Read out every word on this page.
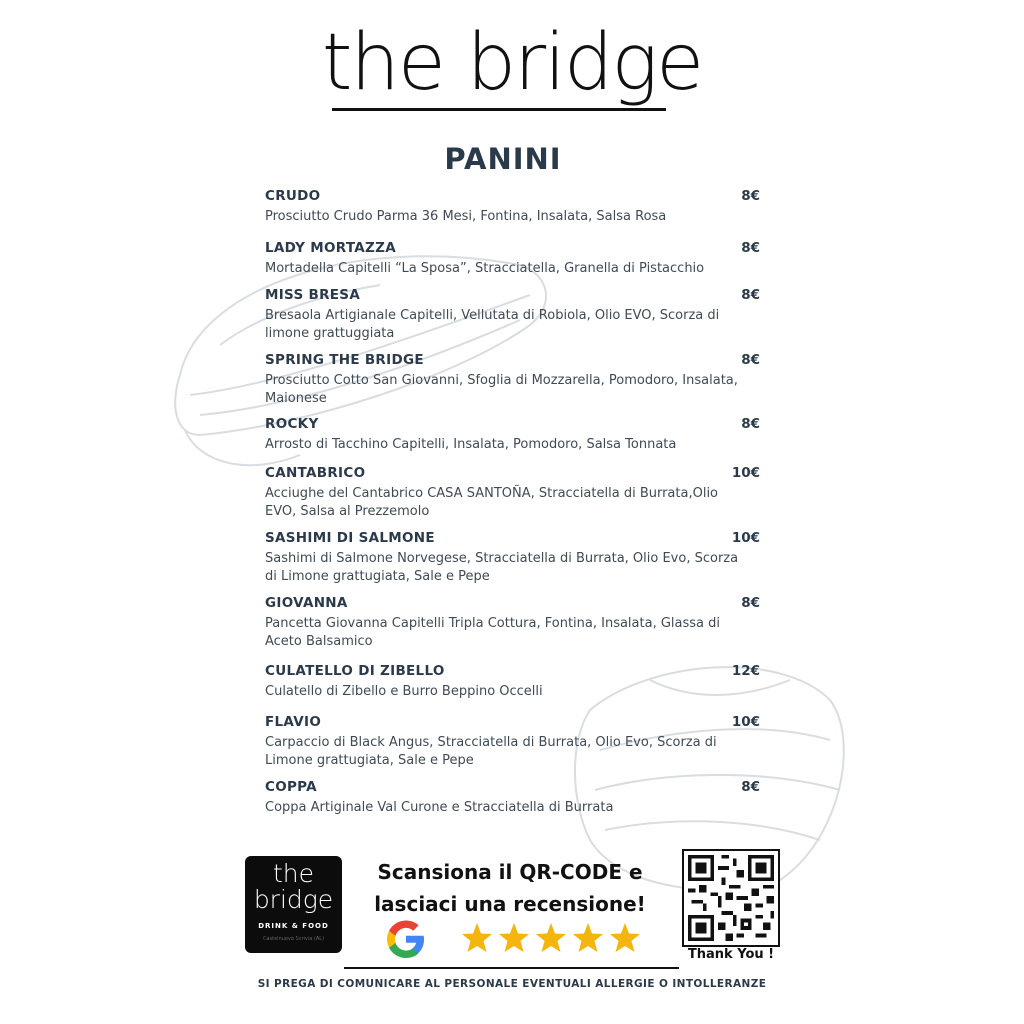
the bridge
PANINI
CRUDO	8€
Prosciutto Crudo Parma 36 Mesi, Fontina, Insalata, Salsa Rosa
LADY MORTAZZA	8€
Mortadella Capitelli “La Sposa”, Stracciatella, Granella di Pistacchio
MISS BRESA	8€
Bresaola Artigianale Capitelli, Vellutata di Robiola, Olio EVO, Scorza di limone grattuggiata
SPRING THE BRIDGE	8€
Prosciutto Cotto San Giovanni, Sfoglia di Mozzarella, Pomodoro, Insalata, Maionese
ROCKY	8€
Arrosto di Tacchino Capitelli, Insalata, Pomodoro, Salsa Tonnata
CANTABRICO	10€
Acciughe del Cantabrico CASA SANTOÑA, Stracciatella di Burrata,Olio EVO, Salsa al Prezzemolo
SASHIMI DI SALMONE	10€
Sashimi di Salmone Norvegese, Stracciatella di Burrata, Olio Evo, Scorza di Limone grattugiata, Sale e Pepe
GIOVANNA	8€
Pancetta Giovanna Capitelli Tripla Cottura, Fontina, Insalata, Glassa di Aceto Balsamico
CULATELLO DI ZIBELLO	12€
Culatello di Zibello e Burro Beppino Occelli
FLAVIO	10€
Carpaccio di Black Angus, Stracciatella di Burrata, Olio Evo, Scorza di Limone grattugiata, Sale e Pepe
COPPA	8€
Coppa Artiginale Val Curone e Stracciatella di Burrata
the
bridge
DRINK & FOOD
Castelnuovo Scrivia (AL)
Scansiona il QR-CODE e
lasciaci una recensione!
Thank You !
SI PREGA DI COMUNICARE AL PERSONALE EVENTUALI ALLERGIE O INTOLLERANZE
